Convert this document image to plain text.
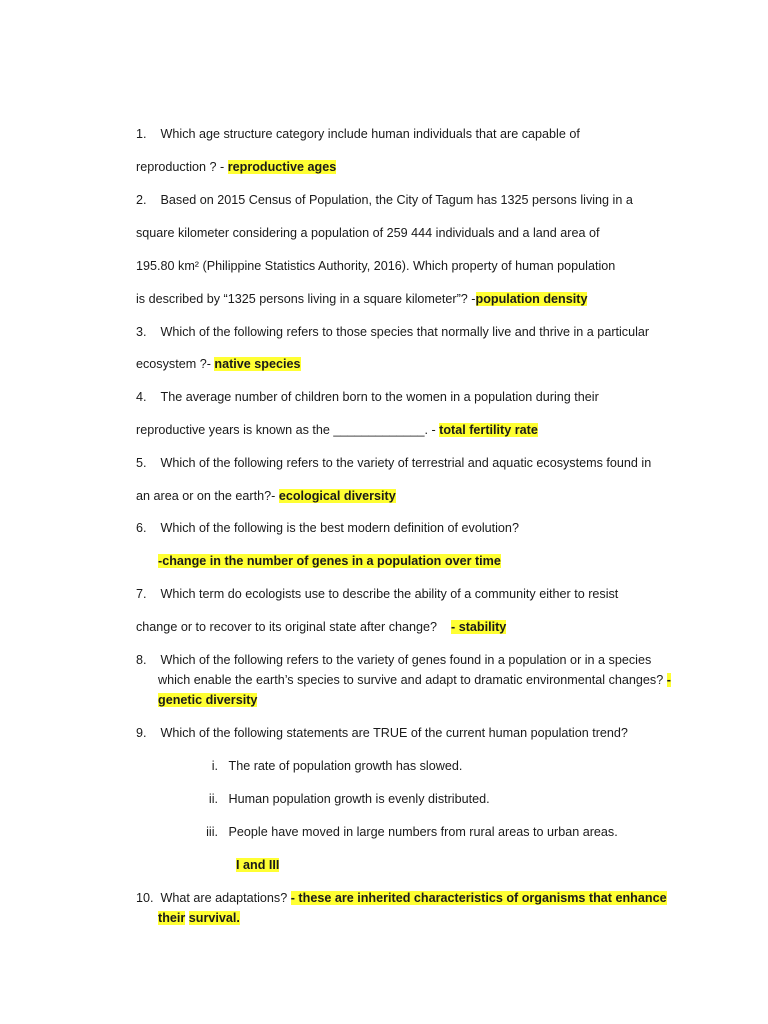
1. Which age structure category include human individuals that are capable of
reproduction ? - reproductive ages
2. Based on 2015 Census of Population, the City of Tagum has 1325 persons living in a
square kilometer considering a population of 259 444 individuals and a land area of
195.80 km² (Philippine Statistics Authority, 2016). Which property of human population
is described by “1325 persons living in a square kilometer”? -population density
3. Which of the following refers to those species that normally live and thrive in a particular
ecosystem ?- native species
4. The average number of children born to the women in a population during their
reproductive years is known as the _____________. - total fertility rate
5. Which of the following refers to the variety of terrestrial and aquatic ecosystems found in
an area or on the earth?- ecological diversity
6. Which of the following is the best modern definition of evolution?
-change in the number of genes in a population over time
7. Which term do ecologists use to describe the ability of a community either to resist
change or to recover to its original state after change?    - stability
8. Which of the following refers to the variety of genes found in a population or in a species
which enable the earth’s species to survive and adapt to dramatic environmental changes? -
genetic diversity
9. Which of the following statements are TRUE of the current human population trend?
i. The rate of population growth has slowed.
ii. Human population growth is evenly distributed.
iii. People have moved in large numbers from rural areas to urban areas.
I and III
10. What are adaptations? - these are inherited characteristics of organisms that enhance
their survival.
